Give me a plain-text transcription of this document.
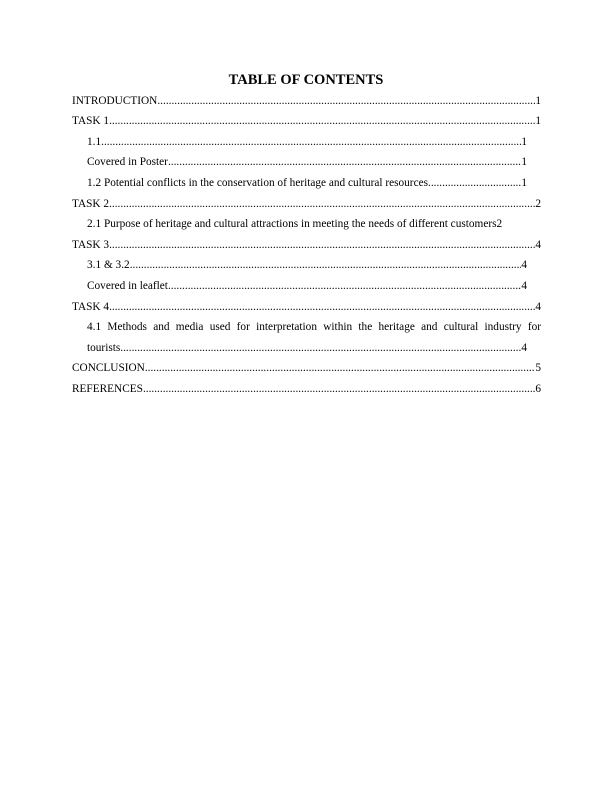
TABLE OF CONTENTS
INTRODUCTION .....	1
TASK 1 .....	1
1.1 .....	1
Covered in Poster .....	1
1.2 Potential conflicts in the conservation of heritage and cultural resources .....	1
TASK 2 .....	2
2.1 Purpose of heritage and cultural attractions in meeting the needs of different customers 2
TASK 3 .....	4
3.1 & 3.2 .....	4
Covered in leaflet .....	4
TASK 4 .....	4
4.1 Methods and media used for interpretation within the heritage and cultural industry for
tourists .....	4
CONCLUSION .....	5
REFERENCES .....	6
